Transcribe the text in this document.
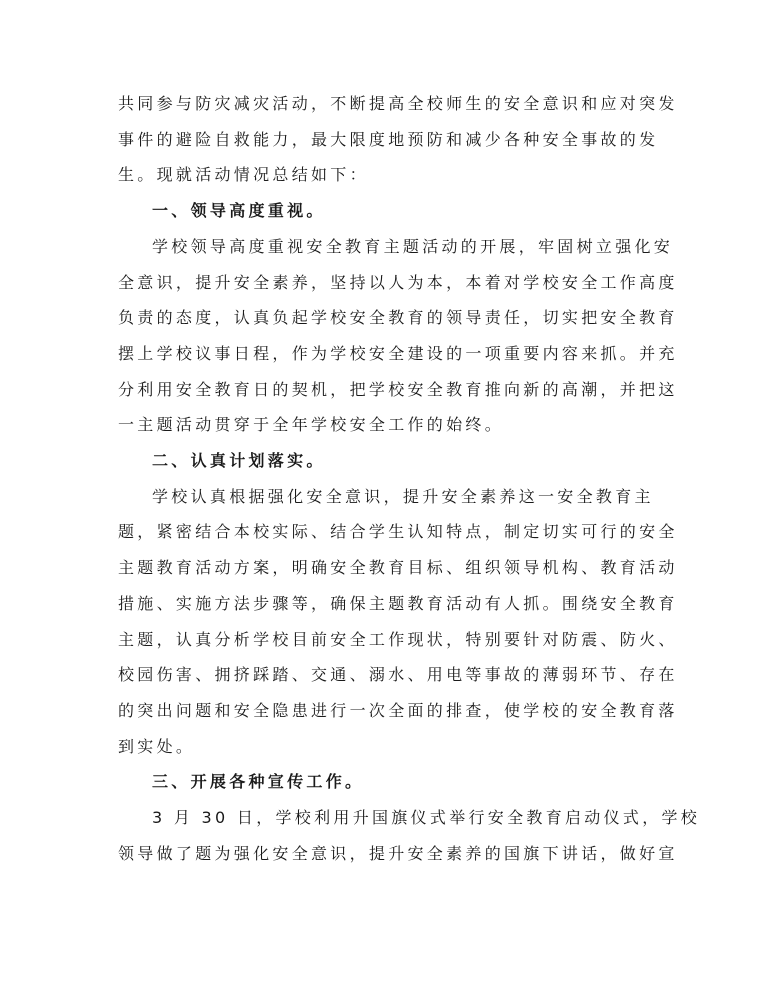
共同参与防灾减灾活动，不断提高全校师生的安全意识和应对突发
事件的避险自救能力，最大限度地预防和减少各种安全事故的发
生。现就活动情况总结如下：
一、领导高度重视。
学校领导高度重视安全教育主题活动的开展，牢固树立强化安
全意识，提升安全素养，坚持以人为本，本着对学校安全工作高度
负责的态度，认真负起学校安全教育的领导责任，切实把安全教育
摆上学校议事日程，作为学校安全建设的一项重要内容来抓。并充
分利用安全教育日的契机，把学校安全教育推向新的高潮，并把这
一主题活动贯穿于全年学校安全工作的始终。
二、认真计划落实。
学校认真根据强化安全意识，提升安全素养这一安全教育主
题，紧密结合本校实际、结合学生认知特点，制定切实可行的安全
主题教育活动方案，明确安全教育目标、组织领导机构、教育活动
措施、实施方法步骤等，确保主题教育活动有人抓。围绕安全教育
主题，认真分析学校目前安全工作现状，特别要针对防震、防火、
校园伤害、拥挤踩踏、交通、溺水、用电等事故的薄弱环节、存在
的突出问题和安全隐患进行一次全面的排查，使学校的安全教育落
到实处。
三、开展各种宣传工作。
3 月 30 日，学校利用升国旗仪式举行安全教育启动仪式，学校
领导做了题为强化安全意识，提升安全素养的国旗下讲话，做好宣
